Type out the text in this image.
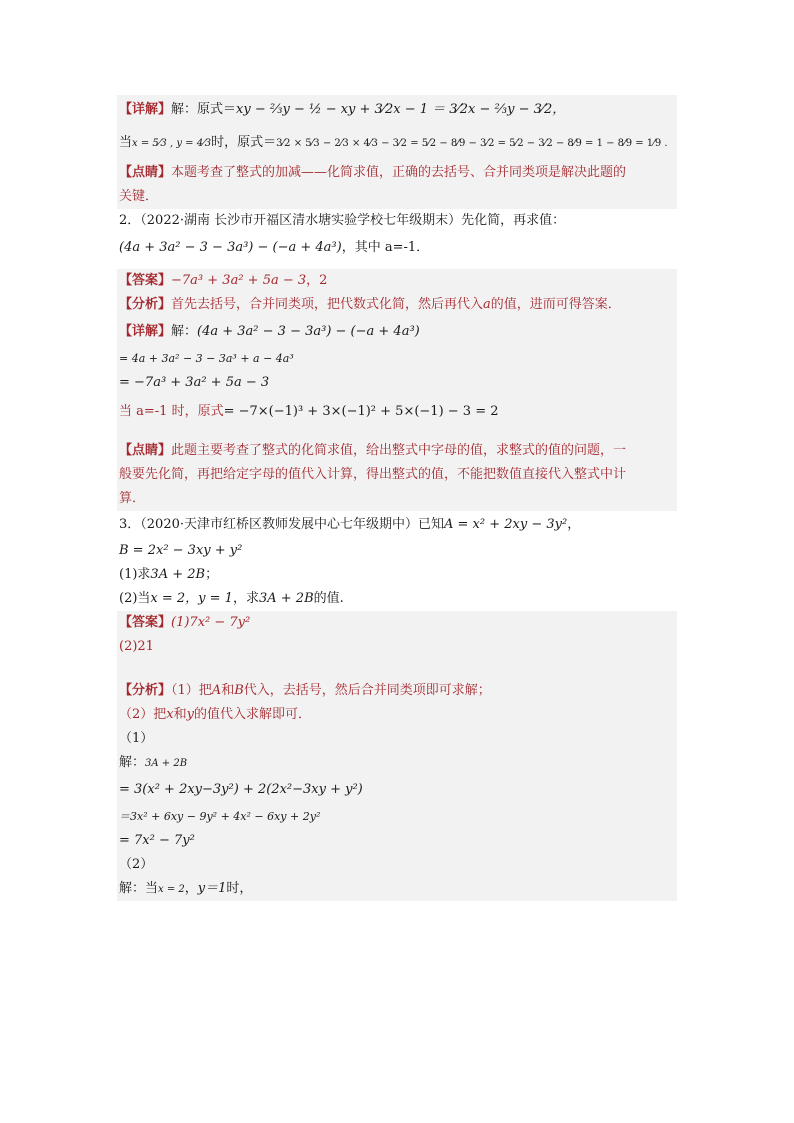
【详解】解：原式＝xy − ⅔y − ½ − xy + 3⁄2x − 1 ＝ 3⁄2x − ⅔y − 3⁄2，
当x = 5⁄3 , y = 4⁄3时，原式＝3⁄2 × 5⁄3 − 2⁄3 × 4⁄3 − 3⁄2 = 5⁄2 − 8⁄9 − 3⁄2 = 5⁄2 − 3⁄2 − 8⁄9 = 1 − 8⁄9 = 1⁄9 .
【点睛】本题考查了整式的加减——化简求值，正确的去括号、合并同类项是解决此题的
关键．
2．（2022·湖南 长沙市开福区清水塘实验学校七年级期末）先化简，再求值：
(4a + 3a² − 3 − 3a³) − (−a + 4a³)，其中 a=-1．
【答案】−7a³ + 3a² + 5a − 3，2
【分析】首先去括号，合并同类项，把代数式化简，然后再代入a的值，进而可得答案．
【详解】解：(4a + 3a² − 3 − 3a³) − (−a + 4a³)
= 4a + 3a² − 3 − 3a³ + a − 4a³
= −7a³ + 3a² + 5a − 3
当 a=-1 时，原式= −7×(−1)³ + 3×(−1)² + 5×(−1) − 3 = 2
【点睛】此题主要考查了整式的化简求值，给出整式中字母的值，求整式的值的问题，一
般要先化简，再把给定字母的值代入计算，得出整式的值，不能把数值直接代入整式中计
算．
3．（2020·天津市红桥区教师发展中心七年级期中）已知A = x² + 2xy − 3y²，
B = 2x² − 3xy + y²
(1)求3A + 2B；
(2)当x = 2，y = 1，求3A + 2B的值.
【答案】(1)7x² − 7y²
(2)21
【分析】（1）把A和B代入，去括号，然后合并同类项即可求解；
（2）把x和y的值代入求解即可．
（1）
解：3A + 2B
= 3(x² + 2xy−3y²) + 2(2x²−3xy + y²)
＝3x² + 6xy − 9y² + 4x² − 6xy + 2y²
= 7x² − 7y²
（2）
解：当x = 2，y＝1时，
